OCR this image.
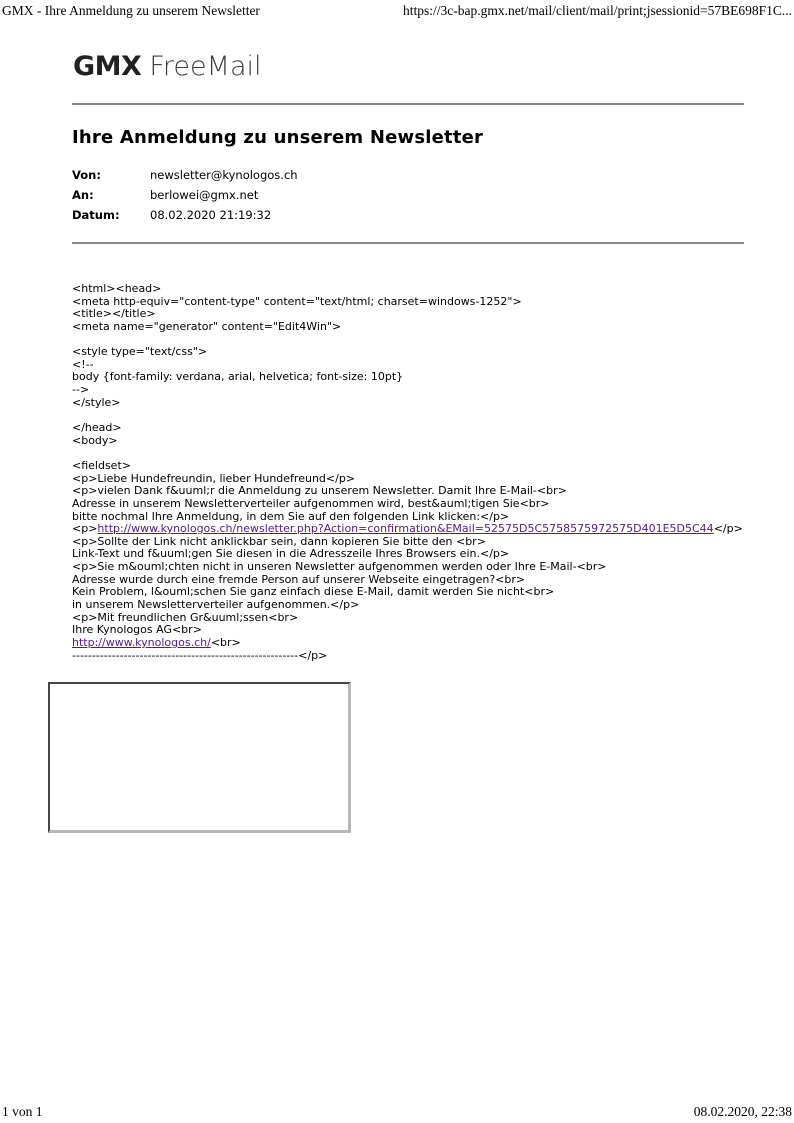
GMX - Ihre Anmeldung zu unserem Newsletter	https://3c-bap.gmx.net/mail/client/mail/print;jsessionid=57BE698F1C...
GMX FreeMail
Ihre Anmeldung zu unserem Newsletter
Von:	newsletter@kynologos.ch
An:	berlowei@gmx.net
Datum:	08.02.2020 21:19:32
<html><head>
<meta http-equiv="content-type" content="text/html; charset=windows-1252">
<title></title>
<meta name="generator" content="Edit4Win">
<style type="text/css">
<!--
body {font-family: verdana, arial, helvetica; font-size: 10pt}
-->
</style>
</head>
<body>
<fieldset>
<p>Liebe Hundefreundin, lieber Hundefreund</p>
<p>vielen Dank f&uuml;r die Anmeldung zu unserem Newsletter. Damit Ihre E-Mail-<br>
Adresse in unserem Newsletterverteiler aufgenommen wird, best&auml;tigen Sie<br>
bitte nochmal Ihre Anmeldung, in dem Sie auf den folgenden Link klicken:</p>
<p>http://www.kynologos.ch/newsletter.php?Action=confirmation&EMail=52575D5C5758575972575D401E5D5C44</p>
<p>Sollte der Link nicht anklickbar sein, dann kopieren Sie bitte den <br>
Link-Text und f&uuml;gen Sie diesen in die Adresszeile Ihres Browsers ein.</p>
<p>Sie m&ouml;chten nicht in unseren Newsletter aufgenommen werden oder Ihre E-Mail-<br>
Adresse wurde durch eine fremde Person auf unserer Webseite eingetragen?<br>
Kein Problem, l&ouml;schen Sie ganz einfach diese E-Mail, damit werden Sie nicht<br>
in unserem Newsletterverteiler aufgenommen.</p>
<p>Mit freundlichen Gr&uuml;ssen<br>
Ihre Kynologos AG<br>
http://www.kynologos.ch/<br>
---------------------------------------------------------</p>
1 von 1	08.02.2020, 22:38
